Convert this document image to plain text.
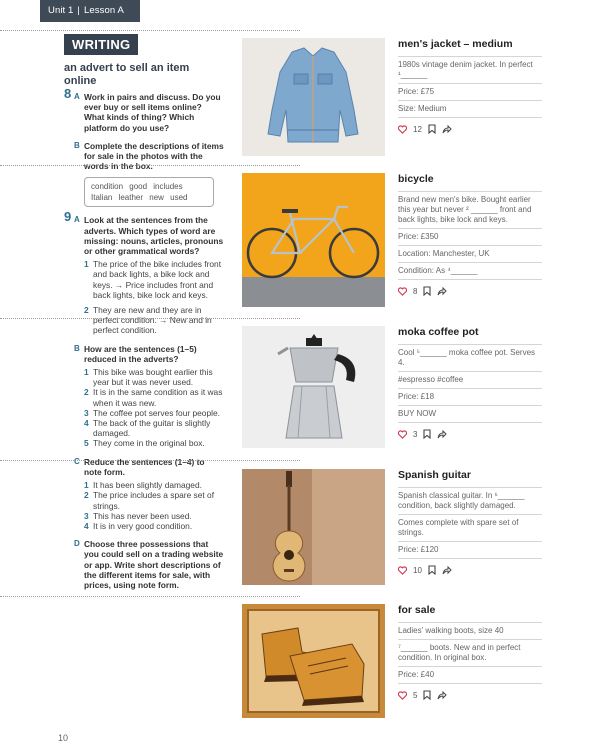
Unit 1 | Lesson A
WRITING
an advert to sell an item online
8 A Work in pairs and discuss. Do you ever buy or sell items online? What kinds of thing? Which platform do you use?
B Complete the descriptions of items for sale in the photos with the words in the box.
condition good includes Italian leather new used
9 A Look at the sentences from the adverts. Which types of word are missing: nouns, articles, pronouns or other grammatical words?
1 The price of the bike includes front and back lights, a bike lock and keys. → Price includes front and back lights, bike lock and keys.
2 They are new and they are in perfect condition. → New and in perfect condition.
B How are the sentences (1–5) reduced in the adverts?
1 This bike was bought earlier this year but it was never used.
2 It is in the same condition as it was when it was new.
3 The coffee pot serves four people.
4 The back of the guitar is slightly damaged.
5 They come in the original box.
C Reduce the sentences (1–4) to note form.
1 It has been slightly damaged.
2 The price includes a spare set of strings.
3 This has never been used.
4 It is in very good condition.
D Choose three possessions that you could sell on a trading website or app. Write short descriptions of the different items for sale, with prices, using note form.
men's jacket – medium
1980s vintage denim jacket. In perfect ¹______
Price: £75
Size: Medium
12
bicycle
Brand new men's bike. Bought earlier this year but never ² ______ front and back lights, bike lock and keys.
Price: £350
Location: Manchester, UK
Condition: As ⁴______
8
moka coffee pot
Cool ⁵______ moka coffee pot. Serves 4.
#espresso #coffee
Price: £18
BUY NOW
3
Spanish guitar
Spanish classical guitar. In ⁶______ condition, back slightly damaged.
Comes complete with spare set of strings.
Price: £120
10
for sale
Ladies' walking boots, size 40
⁷______ boots. New and in perfect condition. In original box.
Price: £40
5
10
